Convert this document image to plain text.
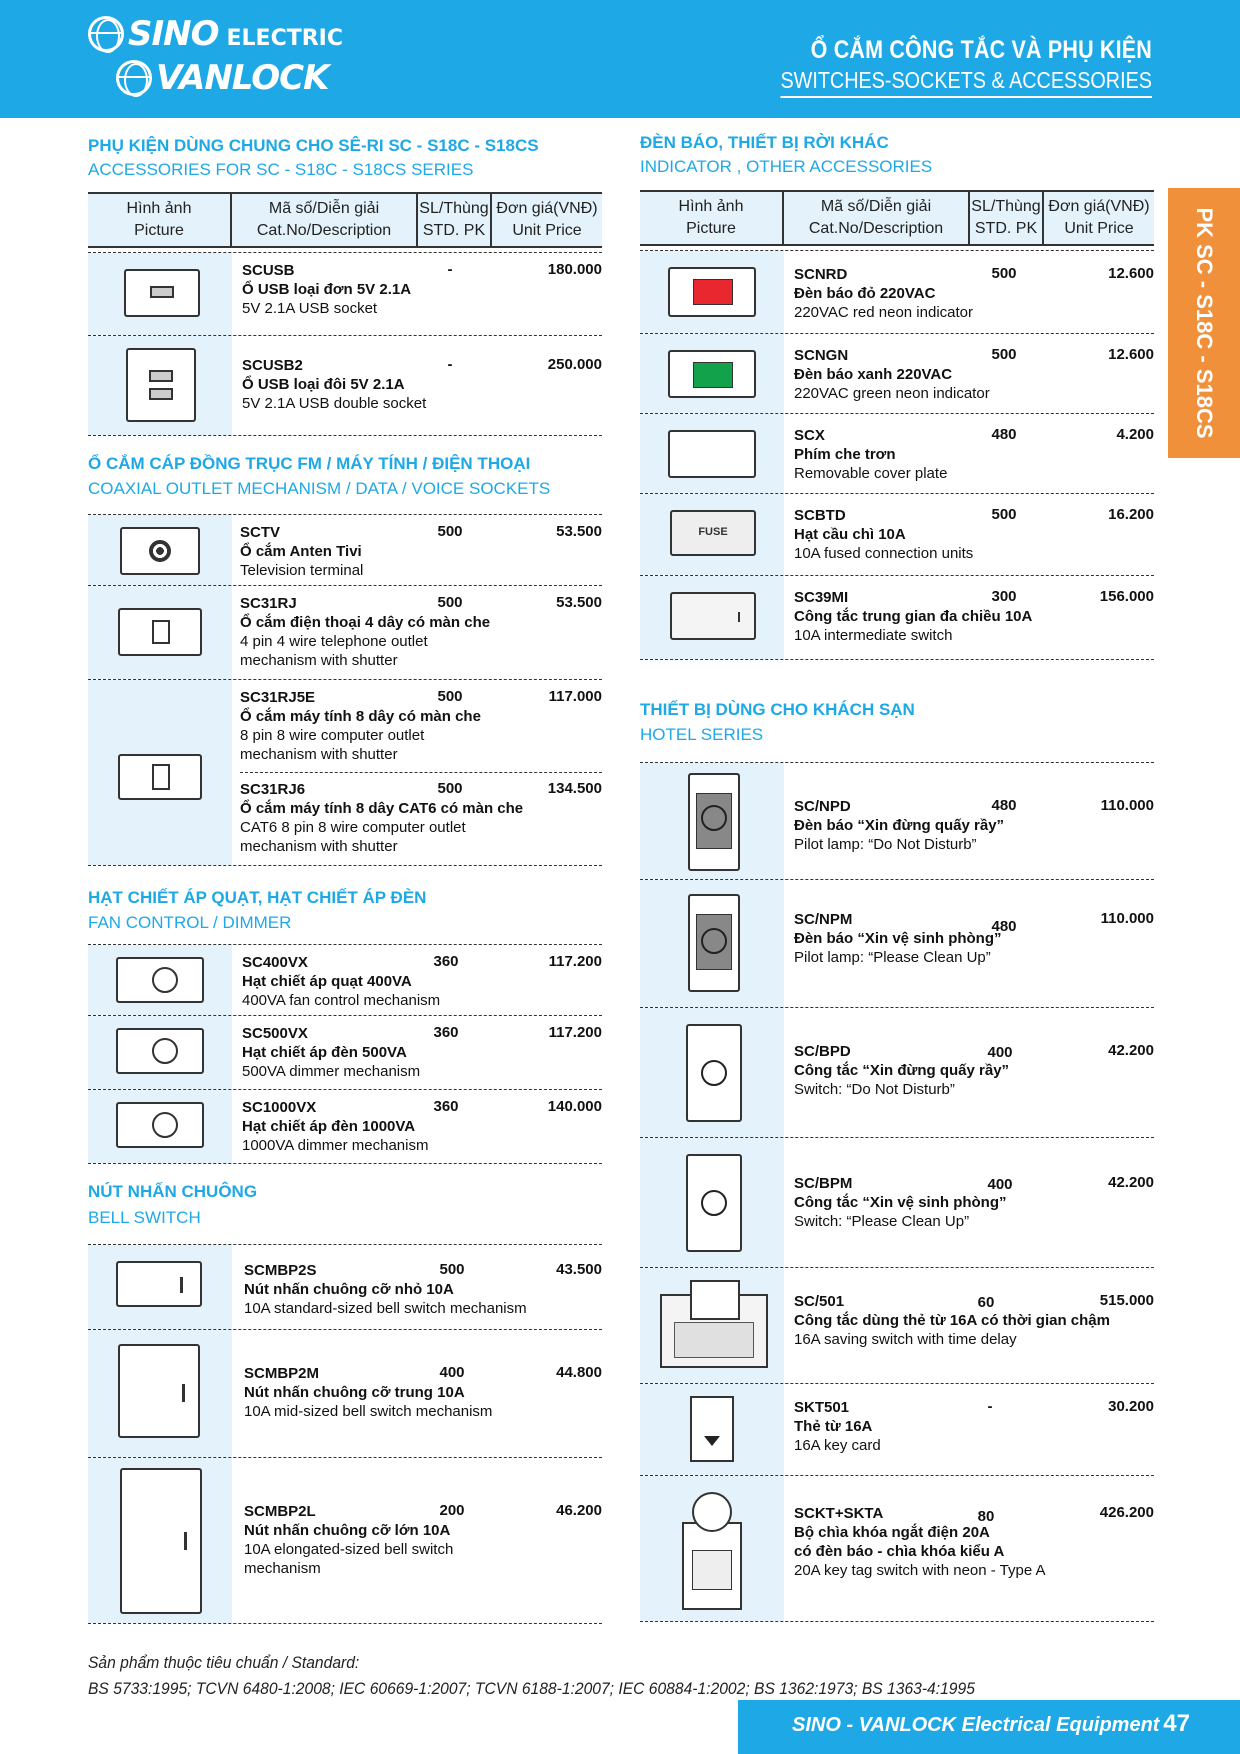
SINO ELECTRIC
VANLOCK
Ổ CẮM CÔNG TẮC VÀ PHỤ KIỆN
SWITCHES-SOCKETS & ACCESSORIES
PK SC - S18C - S18CS
PHỤ KIỆN DÙNG CHUNG CHO SÊ-RI SC - S18C - S18CS
ACCESSORIES FOR SC - S18C - S18CS SERIES
Hình ảnh
Picture
Mã số/Diễn giải
Cat.No/Description
SL/Thùng
STD. PK
Đơn giá(VNĐ)
Unit Price
SCUSB
Ổ USB loại đơn 5V 2.1A
5V 2.1A USB socket
-	180.000
SCUSB2
Ổ USB loại đôi 5V 2.1A
5V 2.1A USB double socket
-	250.000
Ổ CẮM CÁP ĐỒNG TRỤC FM / MÁY TÍNH / ĐIỆN THOẠI
COAXIAL OUTLET MECHANISM / DATA / VOICE SOCKETS
SCTV
Ổ cắm Anten Tivi
Television terminal
500	53.500
SC31RJ
Ổ cắm điện thoại 4 dây có màn che
4 pin 4 wire telephone outlet
mechanism with shutter
500	53.500
SC31RJ5E
Ổ cắm máy tính 8 dây có màn che
8 pin 8 wire computer outlet
mechanism with shutter
500	117.000
SC31RJ6
Ổ cắm máy tính 8 dây CAT6 có màn che
CAT6 8 pin 8 wire computer outlet
mechanism with shutter
500	134.500
HẠT CHIẾT ÁP QUẠT, HẠT CHIẾT ÁP ĐÈN
FAN CONTROL / DIMMER
SC400VX
Hạt chiết áp quạt 400VA
400VA fan control mechanism
360	117.200
SC500VX
Hạt chiết áp đèn 500VA
500VA dimmer mechanism
360	117.200
SC1000VX
Hạt chiết áp đèn 1000VA
1000VA dimmer mechanism
360	140.000
NÚT NHẤN CHUÔNG
BELL SWITCH
SCMBP2S
Nút nhấn chuông cỡ nhỏ 10A
10A standard-sized bell switch mechanism
500	43.500
SCMBP2M
Nút nhấn chuông cỡ trung 10A
10A mid-sized bell switch mechanism
400	44.800
SCMBP2L
Nút nhấn chuông cỡ lớn 10A
10A elongated-sized bell switch
mechanism
200	46.200
ĐÈN BÁO, THIẾT BỊ RỜI KHÁC
INDICATOR , OTHER ACCESSORIES
Hình ảnh
Picture
Mã số/Diễn giải
Cat.No/Description
SL/Thùng
STD. PK
Đơn giá(VNĐ)
Unit Price
SCNRD
Đèn báo đỏ 220VAC
220VAC red neon indicator
500	12.600
SCNGN
Đèn báo xanh 220VAC
220VAC green neon indicator
500	12.600
SCX
Phím che trơn
Removable cover plate
480	4.200
FUSE
SCBTD
Hạt cầu chì 10A
10A fused connection units
500	16.200
SC39MI
Công tắc trung gian đa chiều 10A
10A intermediate switch
300	156.000
THIẾT BỊ DÙNG CHO KHÁCH SẠN
HOTEL SERIES
SC/NPD
Đèn báo “Xin đừng quấy rầy”
Pilot lamp: “Do Not Disturb”
480	110.000
SC/NPM
Đèn báo “Xin vệ sinh phòng”
Pilot lamp: “Please Clean Up”
480	110.000
SC/BPD
Công tắc “Xin đừng quấy rầy”
Switch: “Do Not Disturb”
400	42.200
SC/BPM
Công tắc “Xin vệ sinh phòng”
Switch: “Please Clean Up”
400	42.200
SC/501
Công tắc dùng thẻ từ 16A có thời gian chậm
16A saving switch with time delay
60	515.000
SKT501
Thẻ từ 16A
16A key card
-	30.200
SCKT+SKTA
Bộ chìa khóa ngắt điện 20A
có đèn báo - chìa khóa kiểu A
20A key tag switch with neon - Type A
80	426.200
Sản phẩm thuộc tiêu chuẩn / Standard:
BS 5733:1995; TCVN 6480-1:2008; IEC 60669-1:2007; TCVN 6188-1:2007; IEC 60884-1:2002; BS 1362:1973; BS 1363-4:1995
SINO - VANLOCK Electrical Equipment 47
